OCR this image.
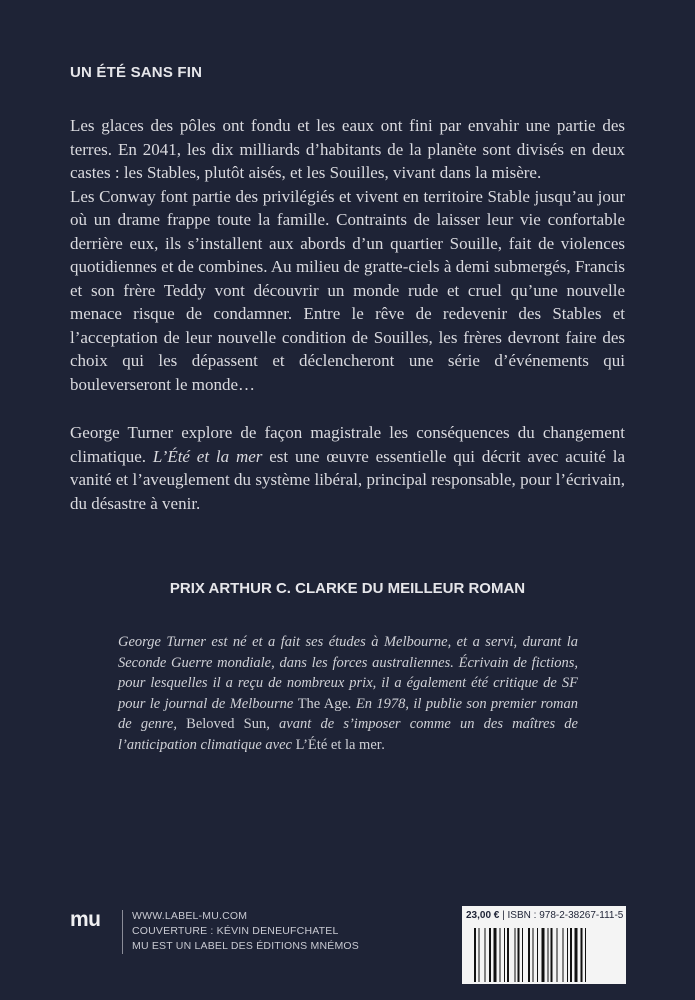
UN ÉTÉ SANS FIN

Les glaces des pôles ont fondu et les eaux ont fini par envahir une partie des terres. En 2041, les dix milliards d’habitants de la planète sont divisés en deux castes : les Stables, plutôt aisés, et les Souilles, vivant dans la misère.

Les Conway font partie des privilégiés et vivent en territoire Stable jusqu’au jour où un drame frappe toute la famille. Contraints de laisser leur vie confortable derrière eux, ils s’installent aux abords d’un quartier Souille, fait de violences quotidiennes et de combines. Au milieu de gratte-ciels à demi submergés, Francis et son frère Teddy vont découvrir un monde rude et cruel qu’une nouvelle menace risque de condamner. Entre le rêve de redevenir des Stables et l’acceptation de leur nouvelle condition de Souilles, les frères devront faire des choix qui les dépassent et déclencheront une série d’événements qui bouleverseront le monde…

George Turner explore de façon magistrale les conséquences du changement climatique. L’Été et la mer est une œuvre essentielle qui décrit avec acuité la vanité et l’aveuglement du système libéral, principal responsable, pour l’écrivain, du désastre à venir.

PRIX ARTHUR C. CLARKE DU MEILLEUR ROMAN
George Turner est né et a fait ses études à Melbourne, et a servi, durant la Seconde Guerre mondiale, dans les forces australiennes. Écrivain de fictions, pour lesquelles il a reçu de nombreux prix, il a également été critique de SF pour le journal de Melbourne The Age. En 1978, il publie son premier roman de genre, Beloved Sun, avant de s’imposer comme un des maîtres de l’anticipation climatique avec L’Été et la mer.
mu	WWW.LABEL-MU.COM
COUVERTURE : KÉVIN DENEUFCHATEL
MU EST UN LABEL DES ÉDITIONS MNÉMOS
23,00 € | ISBN : 978-2-38267-111-5
